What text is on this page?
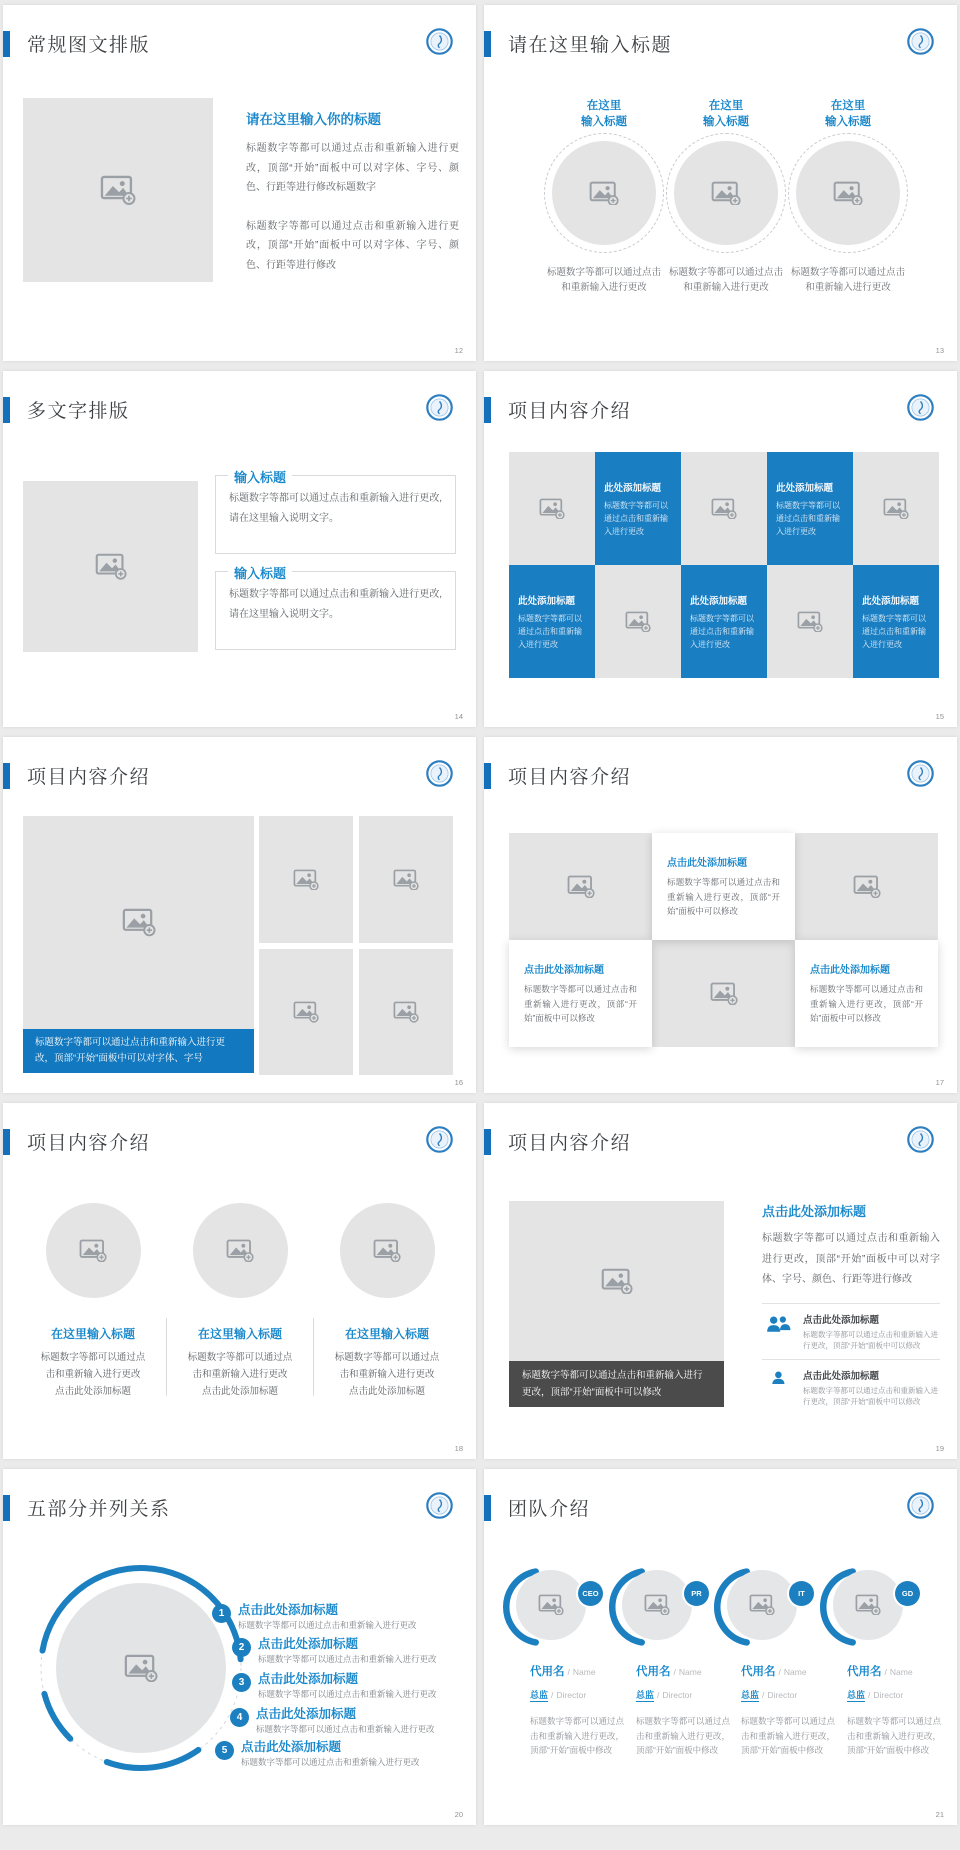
常规图文排版
请在这里输入你的标题

标题数字等都可以通过点击和重新输入进行更改，顶部“开始”面板中可以对字体、字号、颜色、行距等进行修改标题数字

标题数字等都可以通过点击和重新输入进行更改，顶部“开始”面板中可以对字体、字号、颜色、行距等进行修改

12
请在这里输入标题
在这里
输入标题

标题数字等都可以通过点击和重新输入进行更改

在这里
输入标题

标题数字等都可以通过点击和重新输入进行更改

在这里
输入标题

标题数字等都可以通过点击和重新输入进行更改

13
多文字排版
输入标题

标题数字等都可以通过点击和重新输入进行更改,请在这里输入说明文字。

输入标题

标题数字等都可以通过点击和重新输入进行更改,请在这里输入说明文字。

14
项目内容介绍
此处添加标题

标题数字等都可以通过点击和重新输入进行更改

此处添加标题

标题数字等都可以通过点击和重新输入进行更改

此处添加标题

标题数字等都可以通过点击和重新输入进行更改

此处添加标题

标题数字等都可以通过点击和重新输入进行更改

此处添加标题

标题数字等都可以通过点击和重新输入进行更改

15
项目内容介绍
标题数字等都可以通过点击和重新输入进行更改，顶部“开始”面板中可以对字体、字号
16
项目内容介绍
点击此处添加标题

标题数字等都可以通过点击和重新输入进行更改，顶部“开始”面板中可以修改

点击此处添加标题

标题数字等都可以通过点击和重新输入进行更改，顶部“开始”面板中可以修改

点击此处添加标题

标题数字等都可以通过点击和重新输入进行更改，顶部“开始”面板中可以修改

17
项目内容介绍
在这里输入标题

标题数字等都可以通过点
击和重新输入进行更改
点击此处添加标题

在这里输入标题

标题数字等都可以通过点
击和重新输入进行更改
点击此处添加标题

在这里输入标题

标题数字等都可以通过点
击和重新输入进行更改
点击此处添加标题

18
项目内容介绍
标题数字等都可以通过点击和重新输入进行更改，顶部“开始”面板中可以修改
点击此处添加标题

标题数字等都可以通过点击和重新输入进行更改，顶部“开始”面板中可以对字体、字号、颜色、行距等进行修改

点击此处添加标题

标题数字等都可以通过点击和重新输入进行更改，顶部“开始”面板中可以修改

点击此处添加标题

标题数字等都可以通过点击和重新输入进行更改，顶部“开始”面板中可以修改

19
五部分并列关系
1	点击此处添加标题
标题数字等都可以通过点击和重新输入进行更改
2	点击此处添加标题
标题数字等都可以通过点击和重新输入进行更改
3	点击此处添加标题
标题数字等都可以通过点击和重新输入进行更改
4	点击此处添加标题
标题数字等都可以通过点击和重新输入进行更改
5	点击此处添加标题
标题数字等都可以通过点击和重新输入进行更改
20
团队介绍
CEO
代用名 / Name
总监 / Director

标题数字等都可以通过点击和重新输入进行更改，顶部“开始”面板中修改

PR
代用名 / Name
总监 / Director

标题数字等都可以通过点击和重新输入进行更改，顶部“开始”面板中修改

IT
代用名 / Name
总监 / Director

标题数字等都可以通过点击和重新输入进行更改，顶部“开始”面板中修改

GD
代用名 / Name
总监 / Director

标题数字等都可以通过点击和重新输入进行更改，顶部“开始”面板中修改

21
